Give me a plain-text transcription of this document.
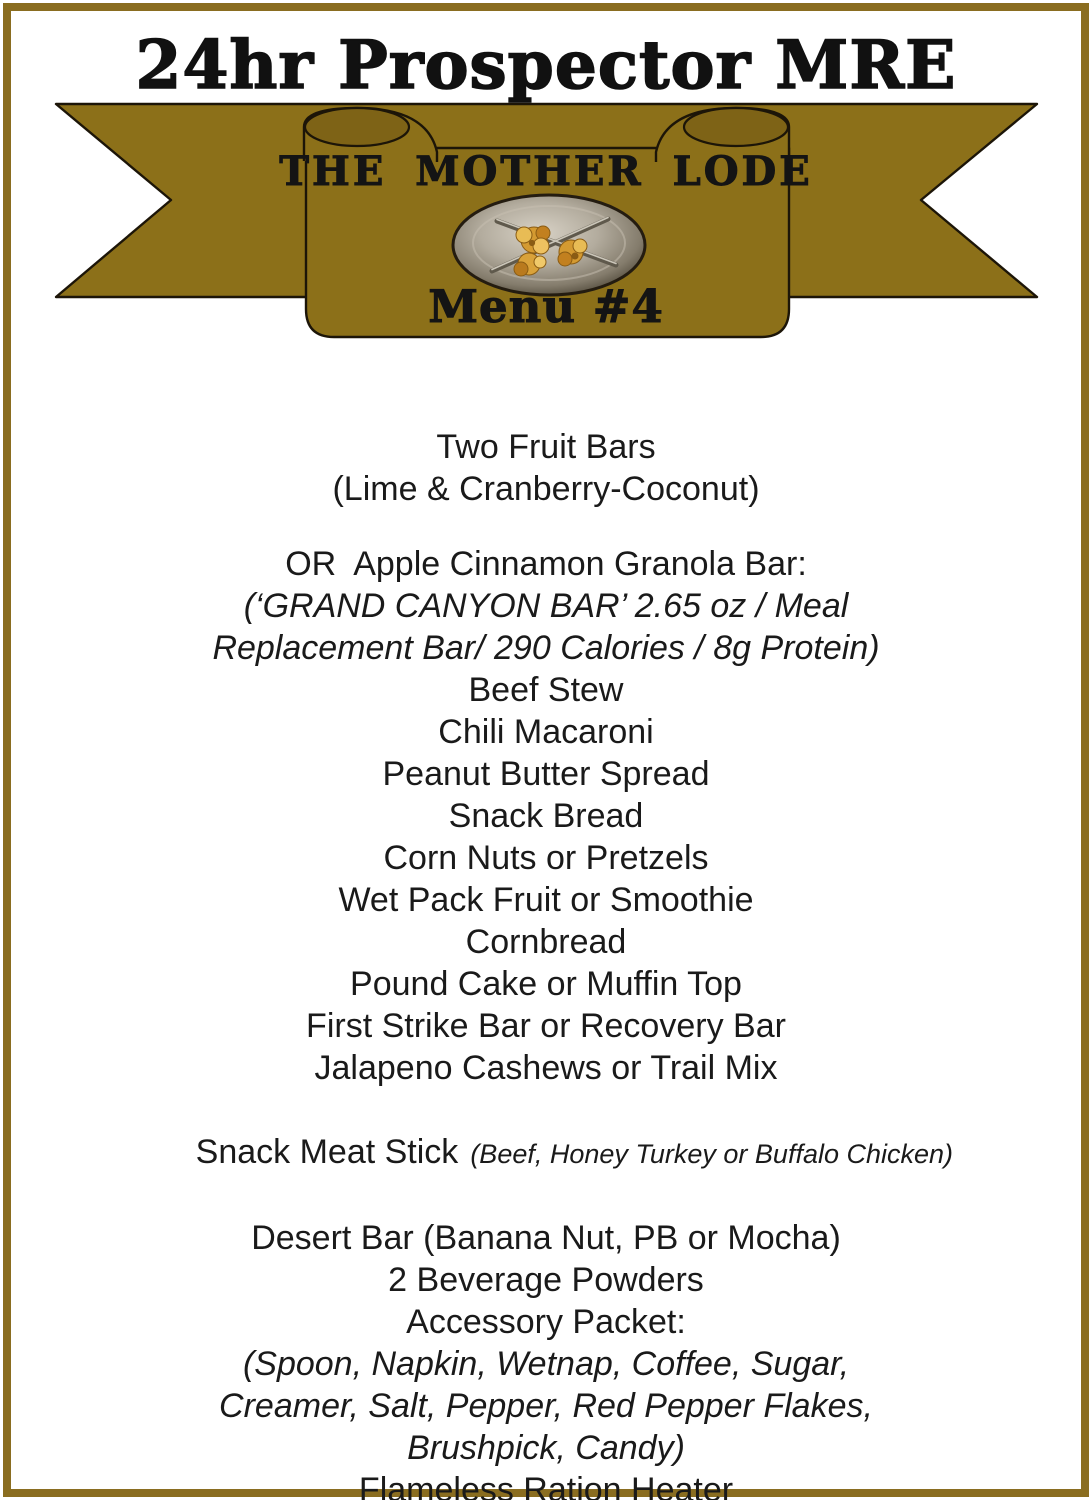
24hr Prospector MRE
THE MOTHER LODE
Menu #4
Two Fruit Bars
(Lime & Cranberry-Coconut)
OR  Apple Cinnamon Granola Bar:
(‘GRAND CANYON BAR’ 2.65 oz / Meal
Replacement Bar/ 290 Calories / 8g Protein)
Beef Stew
Chili Macaroni
Peanut Butter Spread
Snack Bread
Corn Nuts or Pretzels
Wet Pack Fruit or Smoothie
Cornbread
Pound Cake or Muffin Top
First Strike Bar or Recovery Bar
Jalapeno Cashews or Trail Mix

Snack Meat Stick (Beef, Honey Turkey or Buffalo Chicken)

Desert Bar (Banana Nut, PB or Mocha)
2 Beverage Powders
Accessory Packet:
(Spoon, Napkin, Wetnap, Coffee, Sugar,
Creamer, Salt, Pepper, Red Pepper Flakes,
Brushpick, Candy)
Flameless Ration Heater
